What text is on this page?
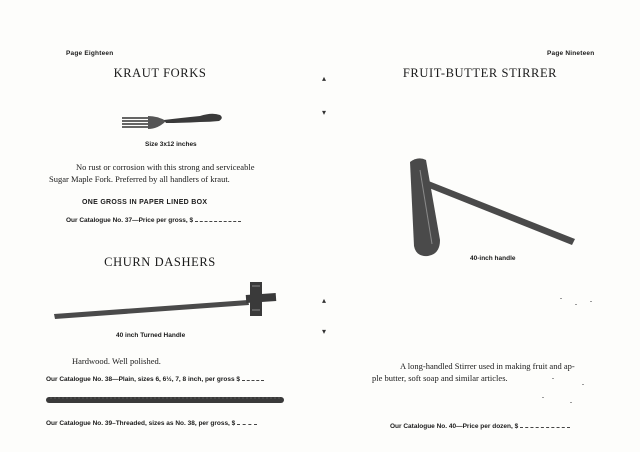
Page Eighteen
KRAUT FORKS
Size 3x12 inches
No rust or corrosion with this strong and serviceable
Sugar Maple Fork. Preferred by all handlers of kraut.
ONE GROSS IN PAPER LINED BOX
Our Catalogue No. 37—Price per gross, $
CHURN DASHERS
40 inch Turned Handle
Hardwood. Well polished.
Our Catalogue No. 38—Plain, sizes 6, 6½, 7, 8 inch, per gross $
Our Catalogue No. 39–Threaded, sizes as No. 38, per gross, $
▴
▾
▴
▾
Page Nineteen
FRUIT-BUTTER STIRRER
40-inch handle
A long-handled Stirrer used in making fruit and ap-
ple butter, soft soap and similar articles.
Our Catalogue No. 40—Price per dozen, $
